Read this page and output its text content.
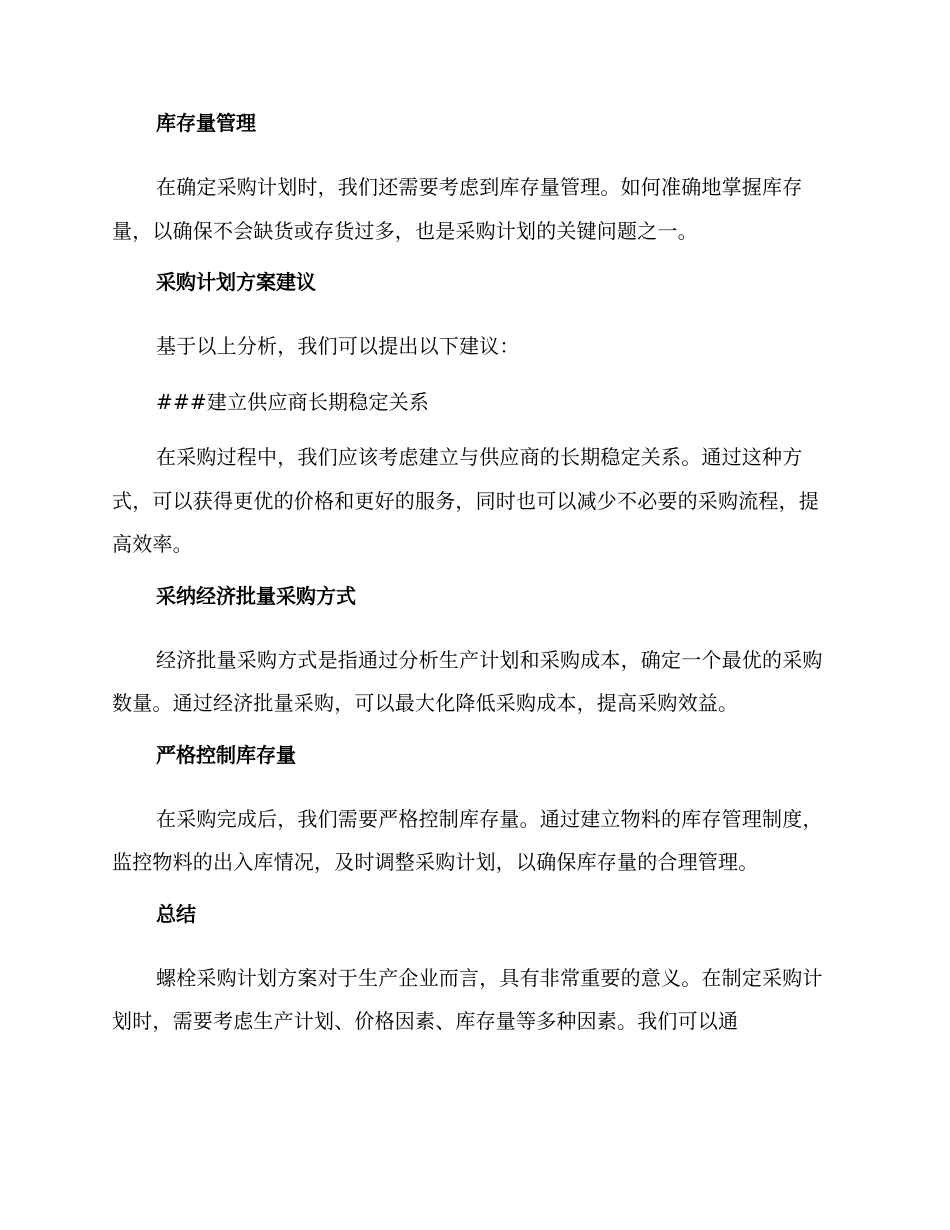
库存量管理

在确定采购计划时，我们还需要考虑到库存量管理。如何准确地掌握库存量，以确保不会缺货或存货过多，也是采购计划的关键问题之一。

采购计划方案建议

基于以上分析，我们可以提出以下建议：

###建立供应商长期稳定关系

在采购过程中，我们应该考虑建立与供应商的长期稳定关系。通过这种方式，可以获得更优的价格和更好的服务，同时也可以减少不必要的采购流程，提高效率。

采纳经济批量采购方式

经济批量采购方式是指通过分析生产计划和采购成本，确定一个最优的采购数量。通过经济批量采购，可以最大化降低采购成本，提高采购效益。

严格控制库存量

在采购完成后，我们需要严格控制库存量。通过建立物料的库存管理制度，监控物料的出入库情况，及时调整采购计划，以确保库存量的合理管理。

总结

螺栓采购计划方案对于生产企业而言，具有非常重要的意义。在制定采购计划时，需要考虑生产计划、价格因素、库存量等多种因素。我们可以通
